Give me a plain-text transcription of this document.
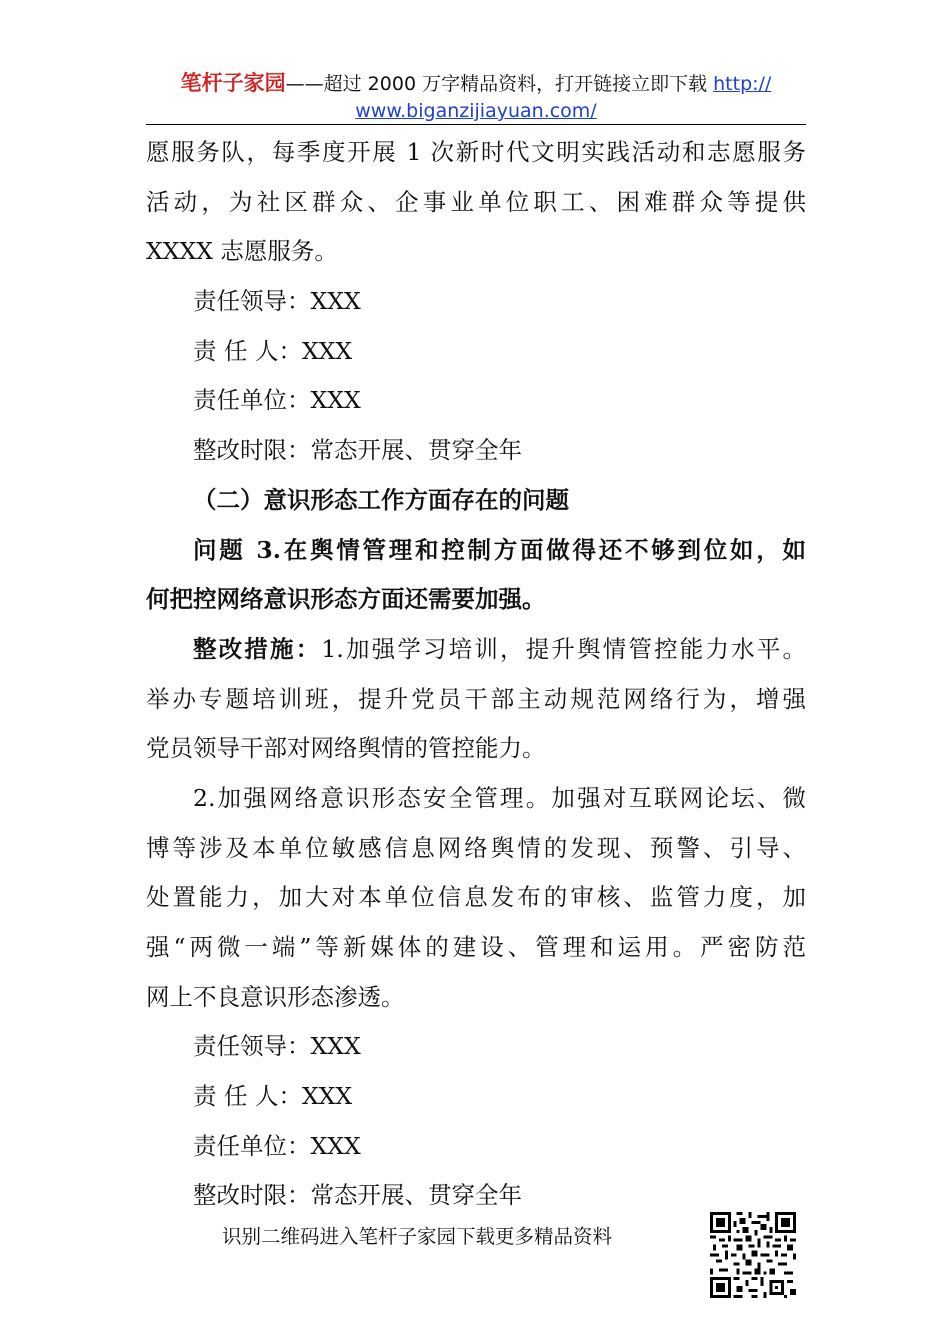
笔杆子家园——超过 2000 万字精品资料，打开链接立即下载 http://
www.biganzijiayuan.com/
愿服务队，每季度开展 1 次新时代文明实践活动和志愿服务
活动，为社区群众、企事业单位职工、困难群众等提供
XXXX 志愿服务。
责任领导：XXX
责 任 人：XXX
责任单位：XXX
整改时限：常态开展、贯穿全年
（二）意识形态工作方面存在的问题
问题 3.在舆情管理和控制方面做得还不够到位如，如
何把控网络意识形态方面还需要加强。
整改措施：1.加强学习培训，提升舆情管控能力水平。
举办专题培训班，提升党员干部主动规范网络行为，增强
党员领导干部对网络舆情的管控能力。
2.加强网络意识形态安全管理。加强对互联网论坛、微
博等涉及本单位敏感信息网络舆情的发现、预警、引导、
处置能力，加大对本单位信息发布的审核、监管力度，加
强“两微一端”等新媒体的建设、管理和运用。严密防范
网上不良意识形态渗透。
责任领导：XXX
责 任 人：XXX
责任单位：XXX
整改时限：常态开展、贯穿全年
识别二维码进入笔杆子家园下载更多精品资料
